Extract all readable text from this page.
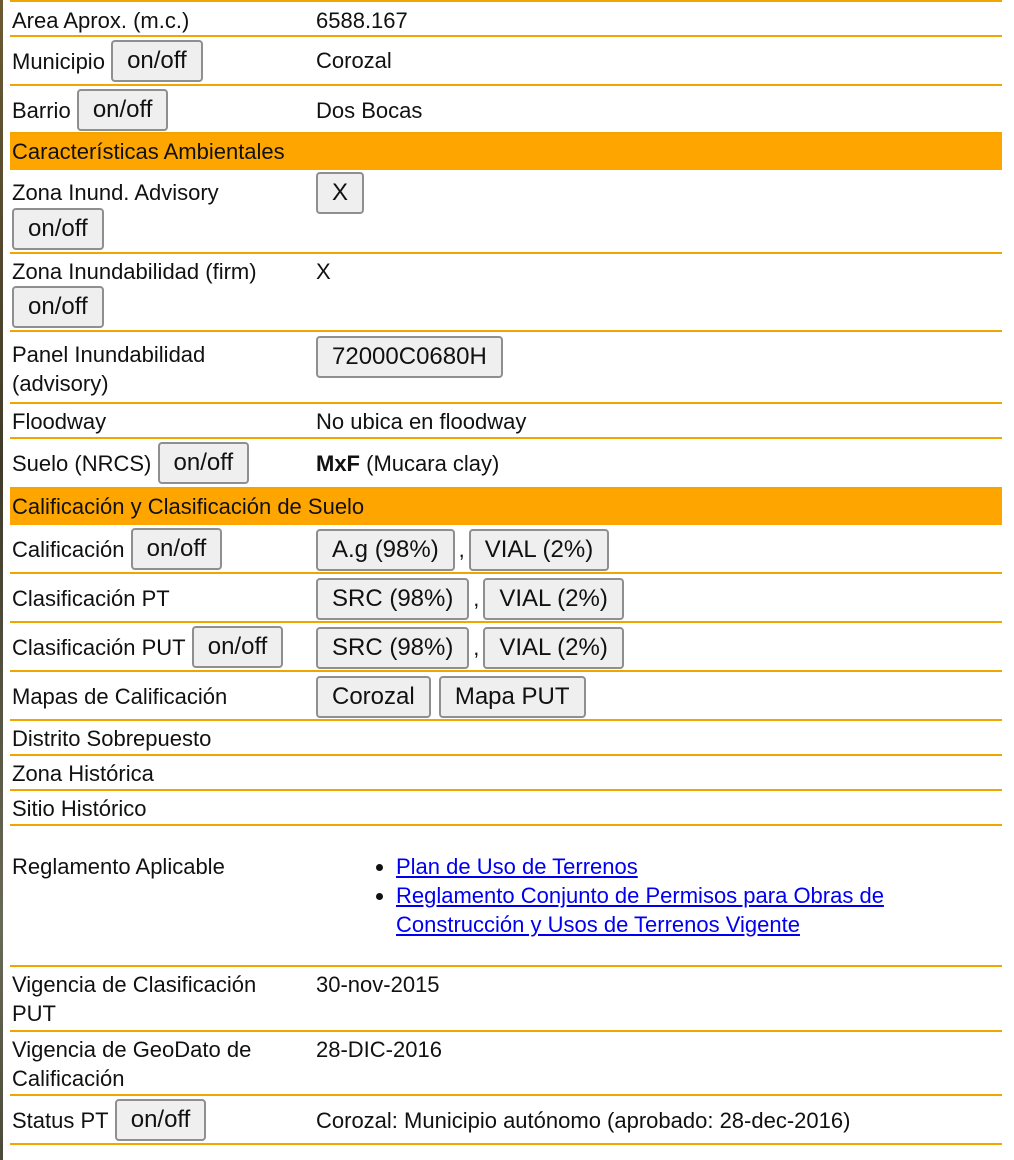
Area Aprox. (m.c.)	6588.167
Municipio on/off	Corozal
Barrio on/off	Dos Bocas
Características Ambientales
Zona Inund. Advisory
on/off
X
Zona Inundabilidad (firm)
on/off
X
Panel Inundabilidad
(advisory)
72000C0680H
Floodway	No ubica en floodway
Suelo (NRCS) on/off	MxF (Mucara clay)
Calificación y Clasificación de Suelo
Calificación on/off	A.g (98%) , VIAL (2%)
Clasificación PT	SRC (98%) , VIAL (2%)
Clasificación PUT on/off	SRC (98%) , VIAL (2%)
Mapas de Calificación	Corozal Mapa PUT
Distrito Sobrepuesto
Zona Histórica
Sitio Histórico
Reglamento Aplicable
•	Plan de Uso de Terrenos
• Reglamento Conjunto de Permisos para Obras de Construcción y Usos de Terrenos Vigente
Vigencia de Clasificación
PUT
30-nov-2015
Vigencia de GeoDato de
Calificación
28-DIC-2016
Status PT on/off	Corozal: Municipio autónomo (aprobado: 28-dec-2016)
